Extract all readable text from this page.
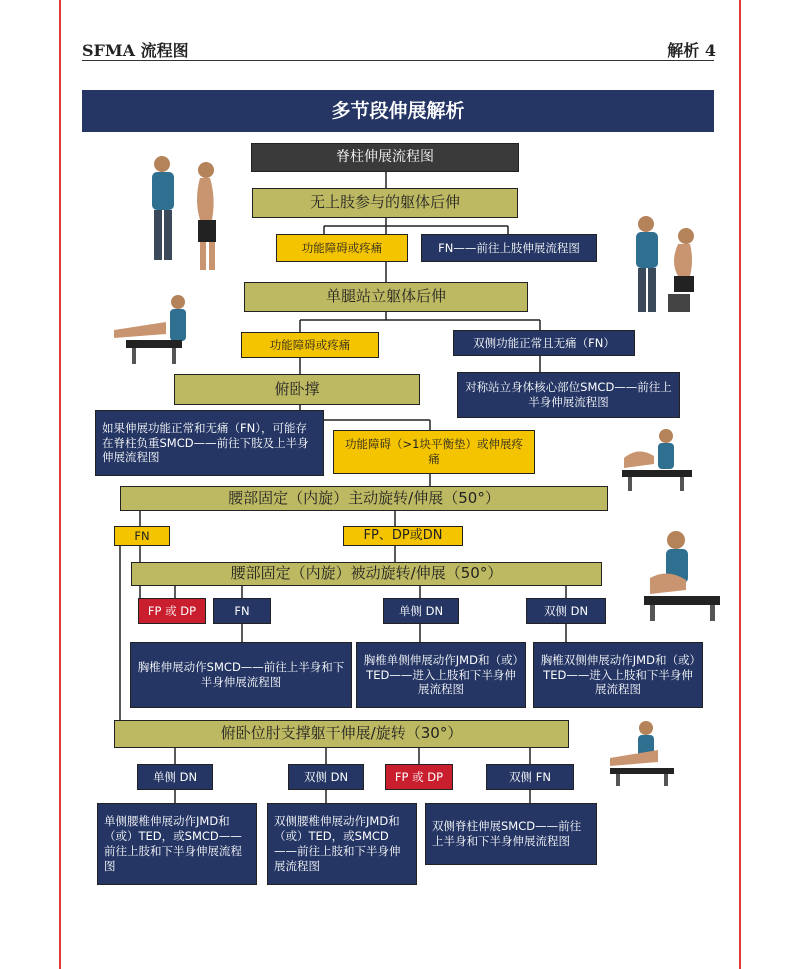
SFMA 流程图	解析 4
多节段伸展解析
脊柱伸展流程图
无上肢参与的躯体后伸
功能障碍或疼痛	FN——前往上肢伸展流程图
单腿站立躯体后伸
功能障碍或疼痛	双侧功能正常且无痛（FN）
俯卧撑	对称站立身体核心部位SMCD——前往上半身伸展流程图
如果伸展功能正常和无痛（FN），可能存在脊柱负重SMCD——前往下肢及上半身伸展流程图
功能障碍（>1块平衡垫）或伸展疼痛
腰部固定（内旋）主动旋转/伸展（50°）
FN	FP、DP或DN
腰部固定（内旋）被动旋转/伸展（50°）
FP 或 DP	FN	单侧 DN	双侧 DN
胸椎伸展动作SMCD——前往上半身和下半身伸展流程图
胸椎单侧伸展动作JMD和（或）TED——进入上肢和下半身伸展流程图
胸椎双侧伸展动作JMD和（或）TED——进入上肢和下半身伸展流程图
俯卧位肘支撑躯干伸展/旋转（30°）
单侧 DN	双侧 DN	FP 或 DP	双侧 FN
单侧腰椎伸展动作JMD和（或）TED，或SMCD——前往上肢和下半身伸展流程图
双侧腰椎伸展动作JMD和（或）TED，或SMCD——前往上肢和下半身伸展流程图
双侧脊柱伸展SMCD——前往上半身和下半身伸展流程图
